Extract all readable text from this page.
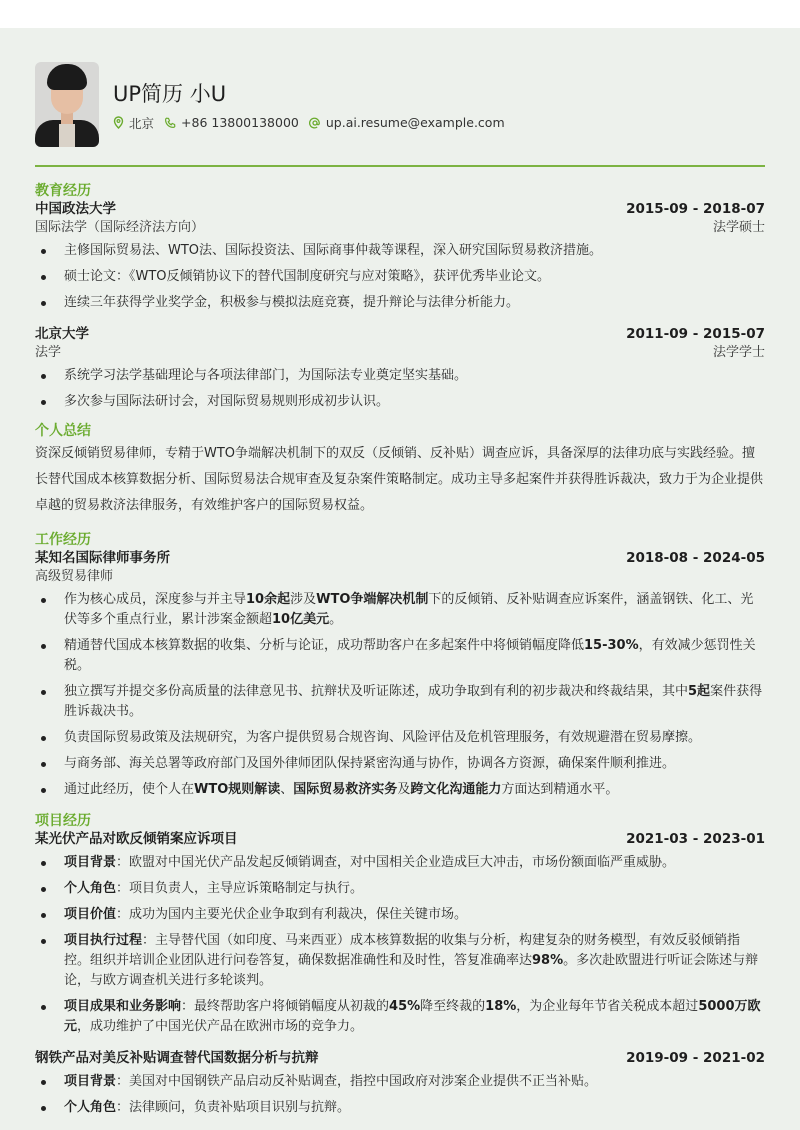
UP简历 小U
北京 +86 13800138000 up.ai.resume@example.com
教育经历
中国政法大学	2015-09 - 2018-07
国际法学（国际经济法方向）	法学硕士
主修国际贸易法、WTO法、国际投资法、国际商事仲裁等课程，深入研究国际贸易救济措施。
硕士论文：《WTO反倾销协议下的替代国制度研究与应对策略》，获评优秀毕业论文。
连续三年获得学业奖学金，积极参与模拟法庭竞赛，提升辩论与法律分析能力。
北京大学	2011-09 - 2015-07
法学	法学学士
系统学习法学基础理论与各项法律部门，为国际法专业奠定坚实基础。
多次参与国际法研讨会，对国际贸易规则形成初步认识。
个人总结
资深反倾销贸易律师，专精于WTO争端解决机制下的双反（反倾销、反补贴）调查应诉，具备深厚的法律功底与实践经验。擅长替代国成本核算数据分析、国际贸易法合规审查及复杂案件策略制定。成功主导多起案件并获得胜诉裁决，致力于为企业提供卓越的贸易救济法律服务，有效维护客户的国际贸易权益。
工作经历
某知名国际律师事务所	2018-08 - 2024-05
高级贸易律师
作为核心成员，深度参与并主导10余起涉及WTO争端解决机制下的反倾销、反补贴调查应诉案件，涵盖钢铁、化工、光伏等多个重点行业，累计涉案金额超10亿美元。
精通替代国成本核算数据的收集、分析与论证，成功帮助客户在多起案件中将倾销幅度降低15-30%，有效减少惩罚性关税。
独立撰写并提交多份高质量的法律意见书、抗辩状及听证陈述，成功争取到有利的初步裁决和终裁结果，其中5起案件获得胜诉裁决书。
负责国际贸易政策及法规研究，为客户提供贸易合规咨询、风险评估及危机管理服务，有效规避潜在贸易摩擦。
与商务部、海关总署等政府部门及国外律师团队保持紧密沟通与协作，协调各方资源，确保案件顺利推进。
通过此经历，使个人在WTO规则解读、国际贸易救济实务及跨文化沟通能力方面达到精通水平。
项目经历
某光伏产品对欧反倾销案应诉项目	2021-03 - 2023-01
项目背景：欧盟对中国光伏产品发起反倾销调查，对中国相关企业造成巨大冲击，市场份额面临严重威胁。
个人角色：项目负责人，主导应诉策略制定与执行。
项目价值：成功为国内主要光伏企业争取到有利裁决，保住关键市场。
项目执行过程：主导替代国（如印度、马来西亚）成本核算数据的收集与分析，构建复杂的财务模型，有效反驳倾销指控。组织并培训企业团队进行问卷答复，确保数据准确性和及时性，答复准确率达98%。多次赴欧盟进行听证会陈述与辩论，与欧方调查机关进行多轮谈判。
项目成果和业务影响：最终帮助客户将倾销幅度从初裁的45%降至终裁的18%，为企业每年节省关税成本超过5000万欧元，成功维护了中国光伏产品在欧洲市场的竞争力。
钢铁产品对美反补贴调查替代国数据分析与抗辩	2019-09 - 2021-02
项目背景：美国对中国钢铁产品启动反补贴调查，指控中国政府对涉案企业提供不正当补贴。
个人角色：法律顾问，负责补贴项目识别与抗辩。
